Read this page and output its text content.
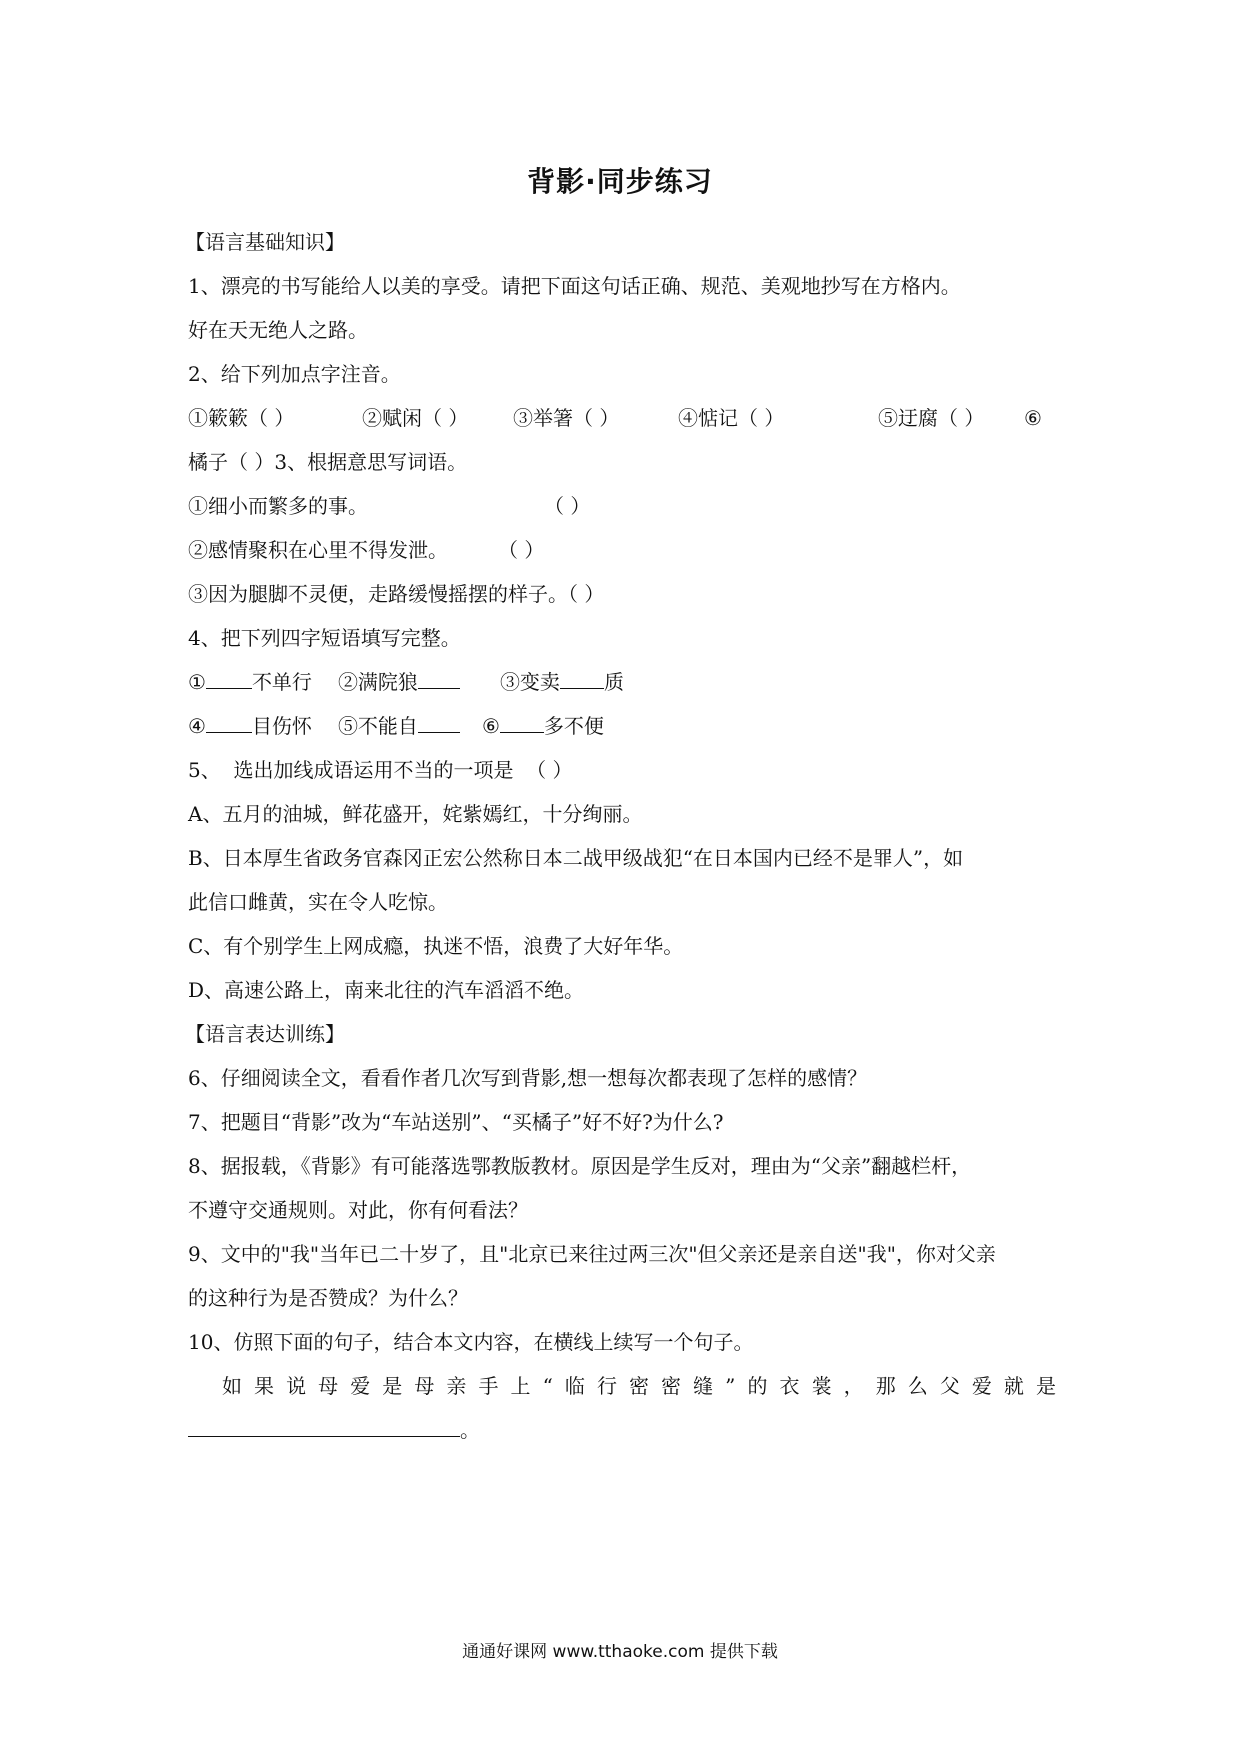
背影·同步练习
【语言基础知识】
1、漂亮的书写能给人以美的享受。请把下面这句话正确、规范、美观地抄写在方格内。
好在天无绝人之路。
2、给下列加点字注音。
①簌簌（ ）	②赋闲（ ） ③举箸（ ）	④惦记（ ）	⑤迂腐（ ） ⑥
橘子（ ）3、根据意思写词语。
①细小而繁多的事。	（ ）
②感情聚积在心里不得发泄。	（ ）
③因为腿脚不灵便，走路缓慢摇摆的样子。（ ）
4、把下列四字短语填写完整。
① 不单行 ②满院狼	③变卖 质
④ 目伤怀 ⑤不能自	⑥ 多不便
5、  选出加线成语运用不当的一项是  （ ）
A、五月的油城，鲜花盛开，姹紫嫣红，十分绚丽。
B、日本厚生省政务官森冈正宏公然称日本二战甲级战犯“在日本国内已经不是罪人”，如
此信口雌黄，实在令人吃惊。
C、有个别学生上网成瘾，执迷不悟，浪费了大好年华。
D、高速公路上，南来北往的汽车滔滔不绝。
【语言表达训练】
6、仔细阅读全文，看看作者几次写到背影,想一想每次都表现了怎样的感情？
7、把题目“背影”改为“车站送别”、“买橘子”好不好?为什么?
8、据报载，《背影》有可能落选鄂教版教材。原因是学生反对，理由为“父亲”翻越栏杆，
不遵守交通规则。对此，你有何看法？
9、文中的"我"当年已二十岁了，且"北京已来往过两三次"但父亲还是亲自送"我"，你对父亲
的这种行为是否赞成？为什么？
10、仿照下面的句子，结合本文内容，在横线上续写一个句子。
如果说母爱是母亲手上“临行密密缝”的衣裳，那么父爱就是
。
通通好课网 www.tthaoke.com 提供下载
